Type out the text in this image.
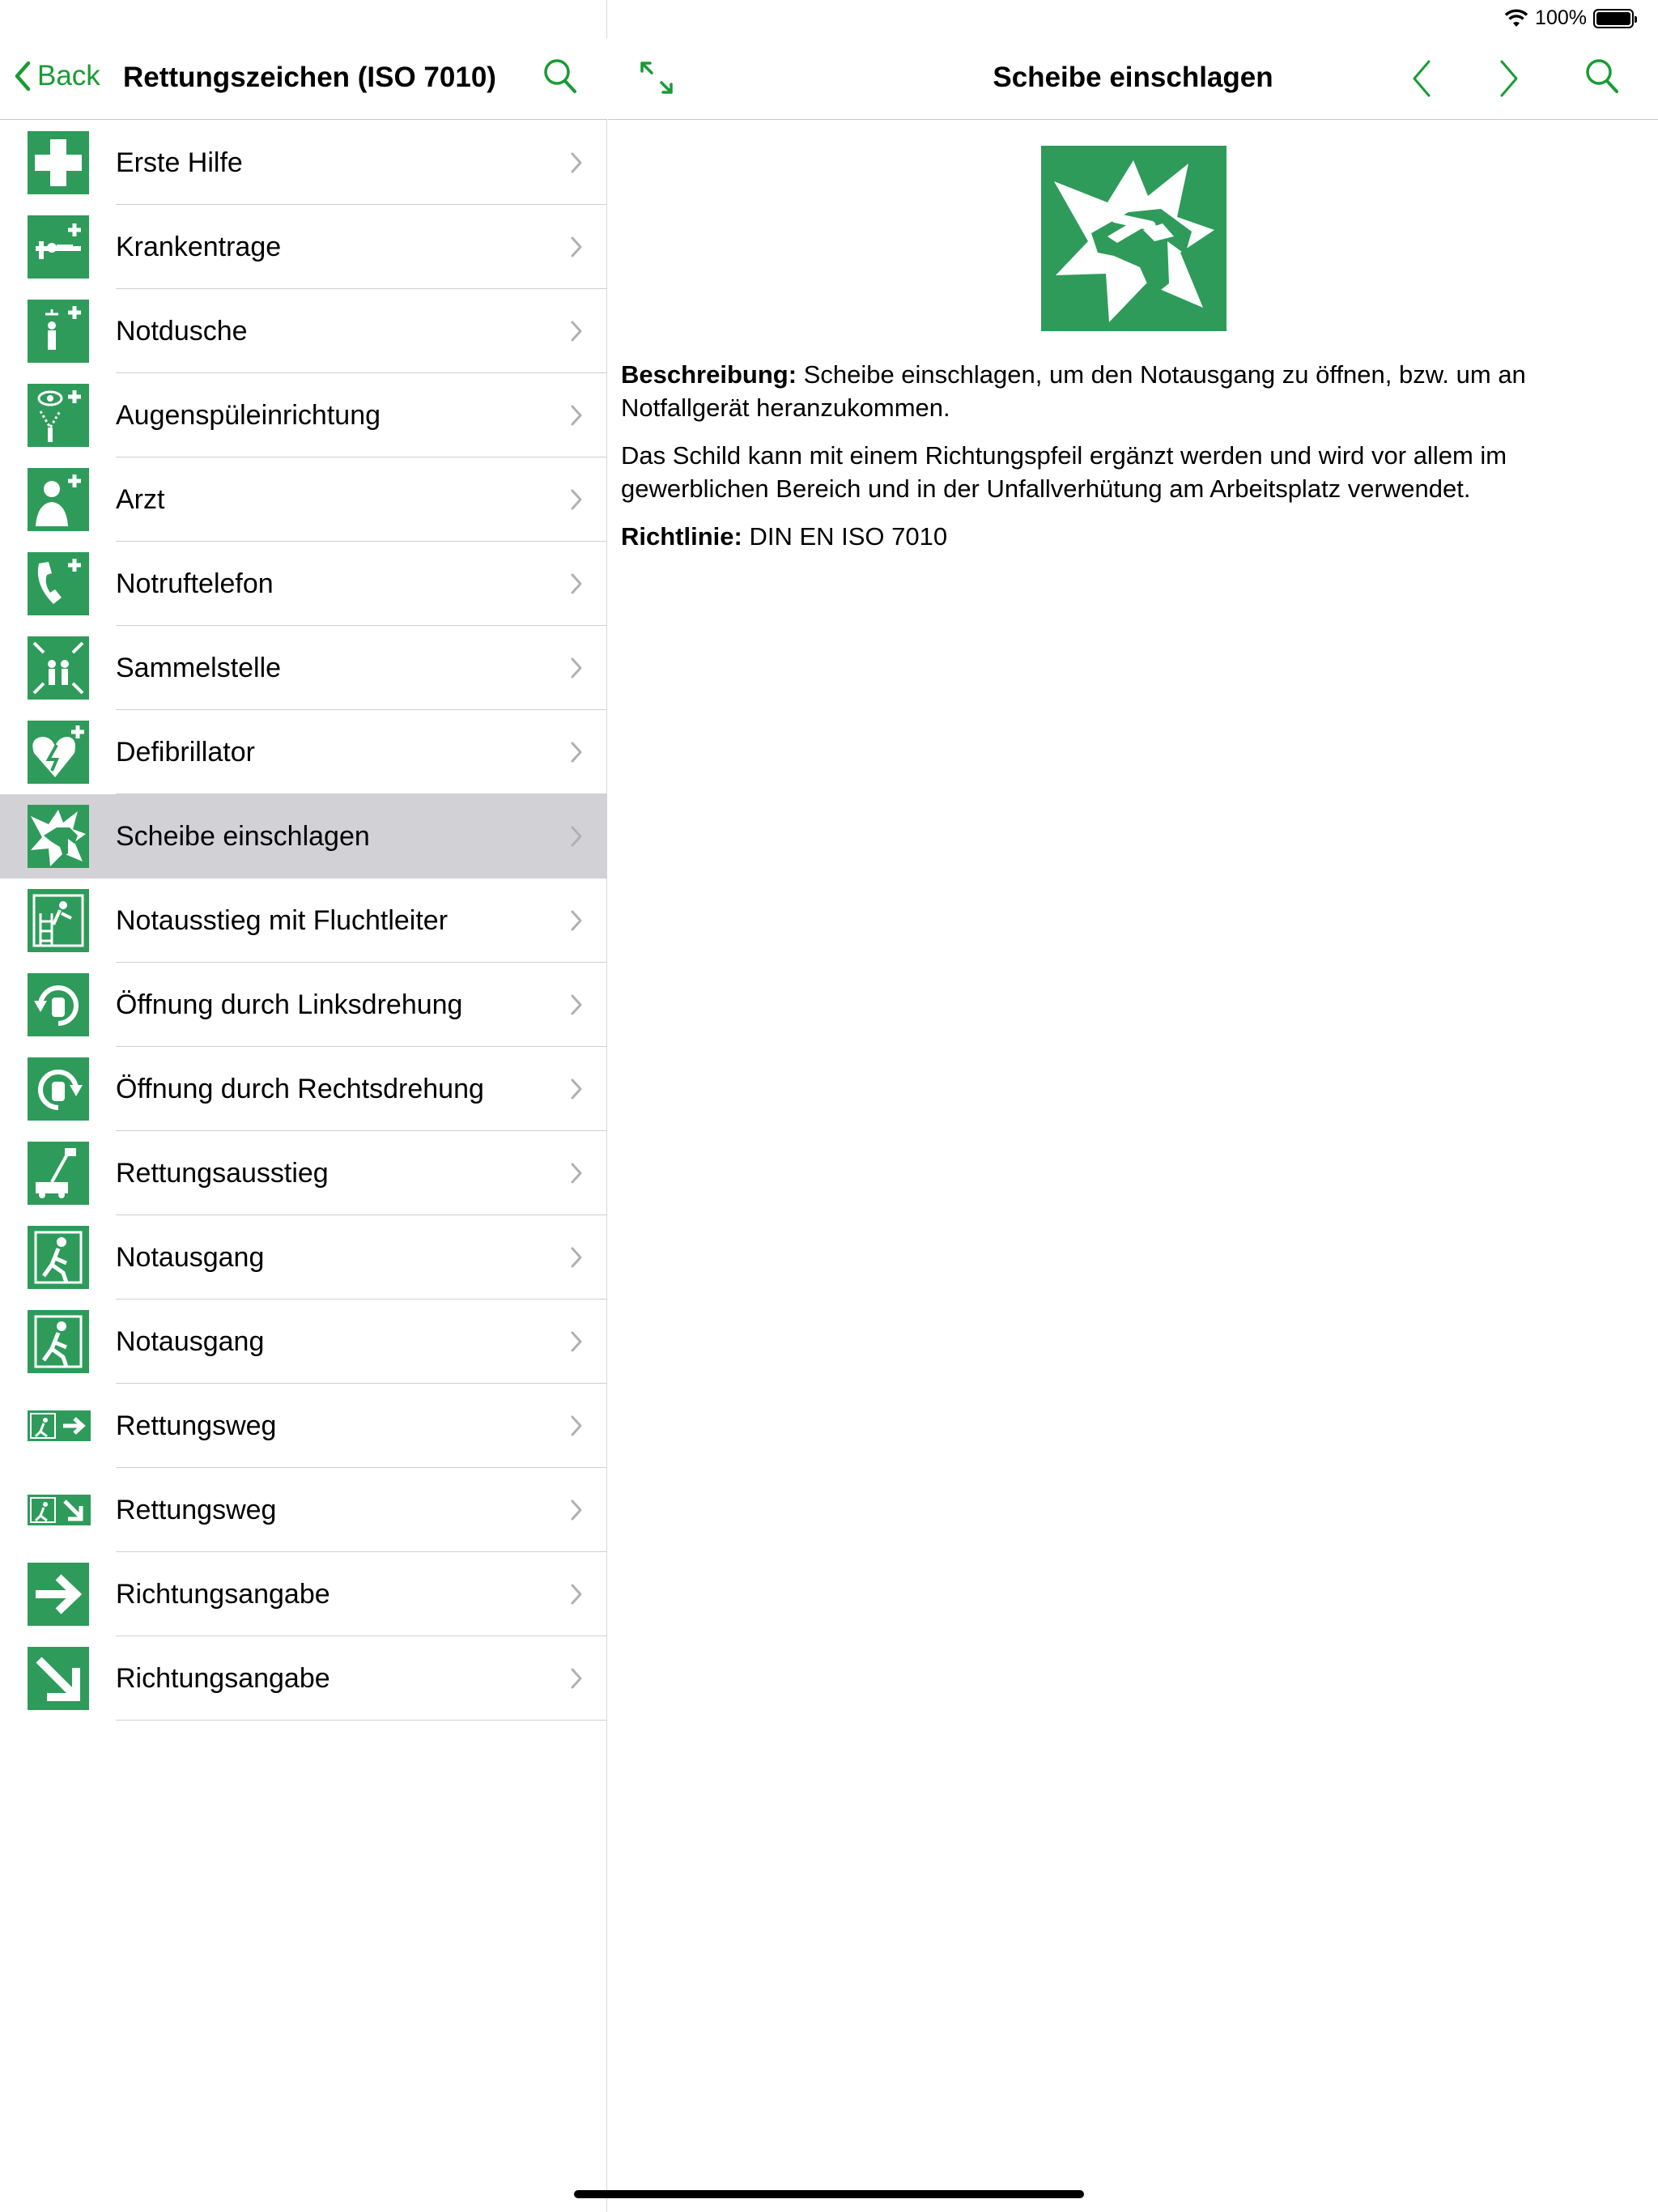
100%
Back Rettungszeichen (ISO 7010)
Erste Hilfe
Krankentrage
Notdusche
Augenspüleinrichtung
Arzt
Notruftelefon
Sammelstelle
Defibrillator
Scheibe einschlagen
Notausstieg mit Fluchtleiter
Öffnung durch Linksdrehung
Öffnung durch Rechtsdrehung
Rettungsausstieg
Notausgang
Notausgang
Rettungsweg
Rettungsweg
Richtungsangabe
Richtungsangabe
Scheibe einschlagen

Beschreibung: Scheibe einschlagen, um den Notausgang zu öffnen, bzw. um an Notfallgerät heranzukommen.

Das Schild kann mit einem Richtungspfeil ergänzt werden und wird vor allem im gewerblichen Bereich und in der Unfallverhütung am Arbeitsplatz verwendet.

Richtlinie: DIN EN ISO 7010
